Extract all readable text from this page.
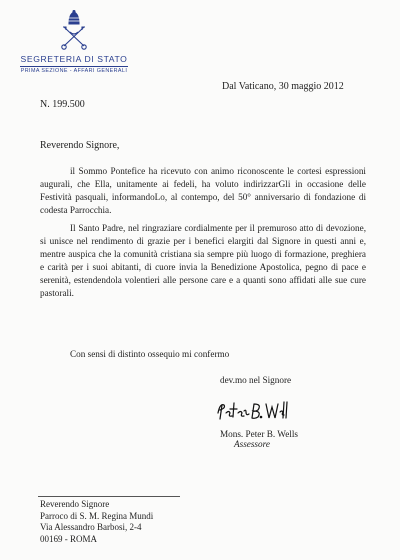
SEGRETERIA DI STATO
PRIMA SEZIONE - AFFARI GENERALI
Dal Vaticano, 30 maggio 2012
N. 199.500
Reverendo Signore,

il Sommo Pontefice ha ricevuto con animo riconoscente le cortesi espressioni augurali, che Ella, unitamente ai fedeli, ha voluto indirizzarGli in occasione delle Festività pasquali, informandoLo, al contempo, del 50° anniversario di fondazione di codesta Parrocchia.

Il Santo Padre, nel ringraziare cordialmente per il premuroso atto di devozione, si unisce nel rendimento di grazie per i benefici elargiti dal Signore in questi anni e, mentre auspica che la comunità cristiana sia sempre più luogo di formazione, preghiera e carità per i suoi abitanti, di cuore invia la Benedizione Apostolica, pegno di pace e serenità, estendendola volentieri alle persone care e a quanti sono affidati alle sue cure pastorali.

Con sensi di distinto ossequio mi confermo
dev.mo nel Signore
Mons. Peter B. Wells
Assessore
Reverendo Signore
Parroco di S. M. Regina Mundi
Via Alessandro Barbosi, 2-4
00169 - ROMA
